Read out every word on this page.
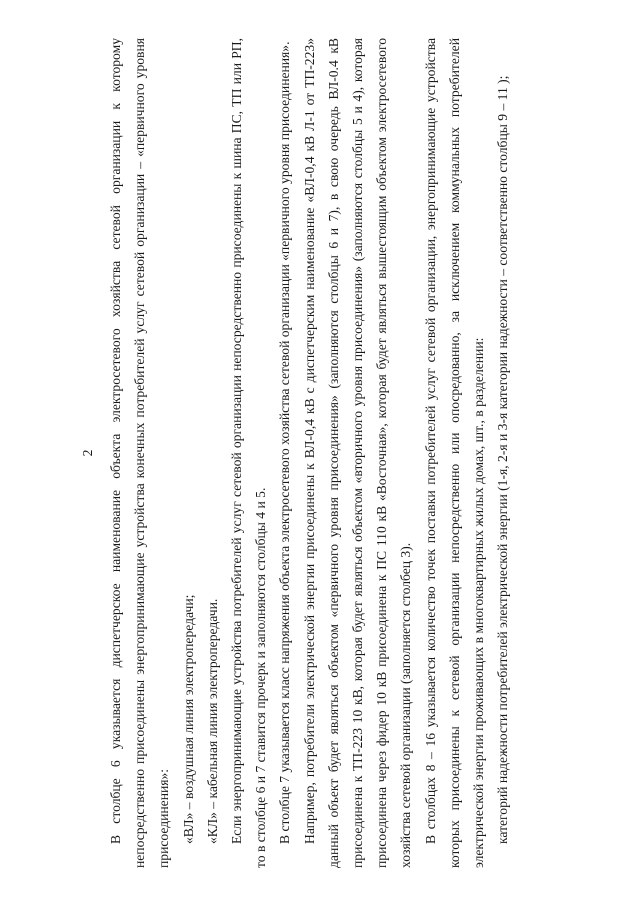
2 В столбце 6 указывается диспетчерское наименование объекта электросетевого хозяйства сетевой организации к которому непосредственно присоединены энергопринимающие устройства конечных потребителей услуг сетевой организации – «первичного уровня присоединения»: «ВЛ» – воздушная линия электропередачи; «КЛ» – кабельная линия электропередачи. Если энергопринимающие устройства потребителей услуг сетевой организации непосредственно присоединены к шина ПС, ТП или РП, то в столбце 6 и 7 ставится прочерк и заполняются столбцы 4 и 5. В столбце 7 указывается класс напряжения объекта электросетевого хозяйства сетевой организации «первичного уровня присоединения». Например, потребители электрической энергии присоединены к ВЛ-0,4 кВ с диспетчерским наименование «ВЛ-0,4 кВ Л-1 от ТП-223» данный объект будет являться объектом «первичного уровня присоединения» (заполняются столбцы 6 и 7), в свою очередь ВЛ-0.4 кВ присоединена к ТП-223 10 кВ, которая будет являться объектом «вторичного уровня присоединения» (заполняются столбцы 5 и 4), которая присоединена через фидер 10 кВ присоединена к ПС 110 кВ «Восточная», которая будет являться вышестоящим объектом электросетевого хозяйства сетевой организации (заполняется столбец 3). В столбцах 8 – 16 указывается количество точек поставки потребителей услуг сетевой организации, энергопринимающие устройства которых присоединены к сетевой организации непосредственно или опосредованно, за исключением коммунальных потребителей электрической энергии проживающих в многоквартирных жилых домах, шт., в разделении: категорий надежности потребителей электрической энергии (1-я, 2-я и 3-я категории надежности – соответственно столбцы 9 – 11 );
